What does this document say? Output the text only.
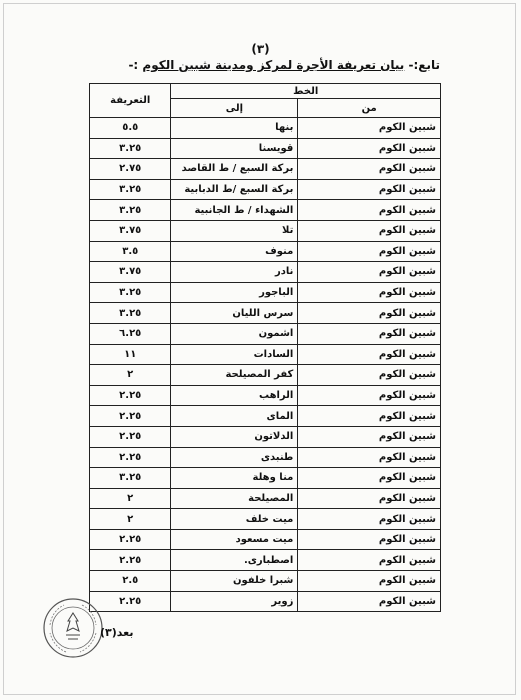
(٣)
تابع:- بيان تعريفة الأجرة لمركز ومدينة شبين الكوم :-
الخط		التعريفة
من	إلى	
شبين الكوم	بنها	٥.٥
شبين الكوم	قويسنا	٣.٢٥
شبين الكوم	بركة السبع / ط القاصد	٢.٧٥
شبين الكوم	بركة السبع /ط الدبابية	٣.٢٥
شبين الكوم	الشهداء / ط الجانبية	٣.٢٥
شبين الكوم	تلا	٣.٧٥
شبين الكوم	منوف	٣.٥
شبين الكوم	نادر	٣.٧٥
شبين الكوم	الباجور	٣.٢٥
شبين الكوم	سرس الليان	٣.٢٥
شبين الكوم	اشمون	٦.٢٥
شبين الكوم	السادات	١١
شبين الكوم	كفر المصيلحة	٢
شبين الكوم	الراهب	٢.٢٥
شبين الكوم	الماى	٢.٢٥
شبين الكوم	الدلاتون	٢.٢٥
شبين الكوم	طنبدى	٢.٢٥
شبين الكوم	منا وهلة	٣.٢٥
شبين الكوم	المصيلحة	٢
شبين الكوم	ميت خلف	٢
شبين الكوم	ميت مسعود	٢.٢٥
شبين الكوم	اصطبارى.	٢.٢٥
شبين الكوم	شبرا خلفون	٢.٥
شبين الكوم	زوير	٢.٢٥
بعد(٣)
